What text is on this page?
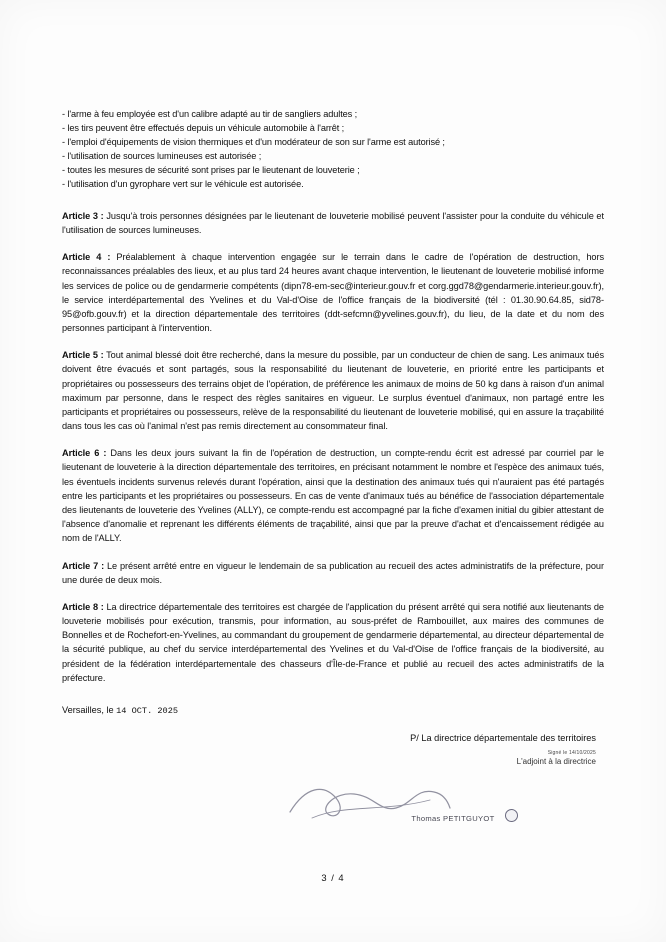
- l'arme à feu employée est d'un calibre adapté au tir de sangliers adultes ;
- les tirs peuvent être effectués depuis un véhicule automobile à l'arrêt ;
- l'emploi d'équipements de vision thermiques et d'un modérateur de son sur l'arme est autorisé ;
- l'utilisation de sources lumineuses est autorisée ;
- toutes les mesures de sécurité sont prises par le lieutenant de louveterie ;
- l'utilisation d'un gyrophare vert sur le véhicule est autorisée.

Article 3 : Jusqu'à trois personnes désignées par le lieutenant de louveterie mobilisé peuvent l'assister pour la conduite du véhicule et l'utilisation de sources lumineuses.

Article 4 : Préalablement à chaque intervention engagée sur le terrain dans le cadre de l'opération de destruction, hors reconnaissances préalables des lieux, et au plus tard 24 heures avant chaque intervention, le lieutenant de louveterie mobilisé informe les services de police ou de gendarmerie compétents (dipn78-em-sec@interieur.gouv.fr et corg.ggd78@gendarmerie.interieur.gouv.fr), le service interdépartemental des Yvelines et du Val-d'Oise de l'office français de la biodiversité (tél : 01.30.90.64.85, sid78-95@ofb.gouv.fr) et la direction départementale des territoires (ddt-sefcmn@yvelines.gouv.fr), du lieu, de la date et du nom des personnes participant à l'intervention.

Article 5 : Tout animal blessé doit être recherché, dans la mesure du possible, par un conducteur de chien de sang. Les animaux tués doivent être évacués et sont partagés, sous la responsabilité du lieutenant de louveterie, en priorité entre les participants et propriétaires ou possesseurs des terrains objet de l'opération, de préférence les animaux de moins de 50 kg dans à raison d'un animal maximum par personne, dans le respect des règles sanitaires en vigueur. Le surplus éventuel d'animaux, non partagé entre les participants et propriétaires ou possesseurs, relève de la responsabilité du lieutenant de louveterie mobilisé, qui en assure la traçabilité dans tous les cas où l'animal n'est pas remis directement au consommateur final.

Article 6 : Dans les deux jours suivant la fin de l'opération de destruction, un compte-rendu écrit est adressé par courriel par le lieutenant de louveterie à la direction départementale des territoires, en précisant notamment le nombre et l'espèce des animaux tués, les éventuels incidents survenus relevés durant l'opération, ainsi que la destination des animaux tués qui n'auraient pas été partagés entre les participants et les propriétaires ou possesseurs. En cas de vente d'animaux tués au bénéfice de l'association départementale des lieutenants de louveterie des Yvelines (ALLY), ce compte-rendu est accompagné par la fiche d'examen initial du gibier attestant de l'absence d'anomalie et reprenant les différents éléments de traçabilité, ainsi que par la preuve d'achat et d'encaissement rédigée au nom de l'ALLY.

Article 7 : Le présent arrêté entre en vigueur le lendemain de sa publication au recueil des actes administratifs de la préfecture, pour une durée de deux mois.

Article 8 : La directrice départementale des territoires est chargée de l'application du présent arrêté qui sera notifié aux lieutenants de louveterie mobilisés pour exécution, transmis, pour information, au sous-préfet de Rambouillet, aux maires des communes de Bonnelles et de Rochefort-en-Yvelines, au commandant du groupement de gendarmerie départemental, au directeur départemental de la sécurité publique, au chef du service interdépartemental des Yvelines et du Val-d'Oise de l'office français de la biodiversité, au président de la fédération interdépartementale des chasseurs d'Île-de-France et publié au recueil des actes administratifs de la préfecture.

Versailles, le 14 OCT. 2025
P/ La directrice départementale des territoires
Signé le 14/10/2025
L'adjoint à la directrice
Thomas PETITGUYOT
3 / 4
